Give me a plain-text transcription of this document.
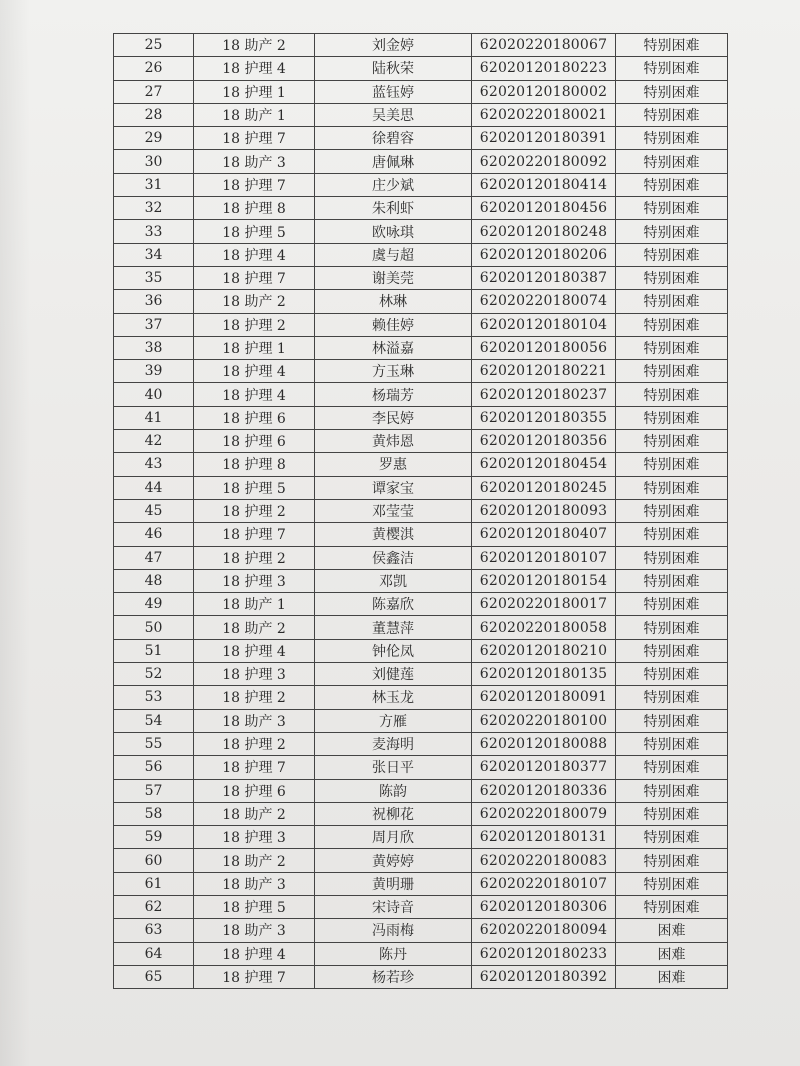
25	18 助产 2	刘金婷	62020220180067	特别困难
26	18 护理 4	陆秋荣	62020120180223	特别困难
27	18 护理 1	蓝钰婷	62020120180002	特别困难
28	18 助产 1	吴美思	62020220180021	特别困难
29	18 护理 7	徐碧容	62020120180391	特别困难
30	18 助产 3	唐佩琳	62020220180092	特别困难
31	18 护理 7	庄少斌	62020120180414	特别困难
32	18 护理 8	朱利虾	62020120180456	特别困难
33	18 护理 5	欧咏琪	62020120180248	特别困难
34	18 护理 4	虞与超	62020120180206	特别困难
35	18 护理 7	谢美莞	62020120180387	特别困难
36	18 助产 2	林琳	62020220180074	特别困难
37	18 护理 2	赖佳婷	62020120180104	特别困难
38	18 护理 1	林溢嘉	62020120180056	特别困难
39	18 护理 4	方玉琳	62020120180221	特别困难
40	18 护理 4	杨瑞芳	62020120180237	特别困难
41	18 护理 6	李民婷	62020120180355	特别困难
42	18 护理 6	黄炜恩	62020120180356	特别困难
43	18 护理 8	罗惠	62020120180454	特别困难
44	18 护理 5	谭家宝	62020120180245	特别困难
45	18 护理 2	邓莹莹	62020120180093	特别困难
46	18 护理 7	黄樱淇	62020120180407	特别困难
47	18 护理 2	侯鑫洁	62020120180107	特别困难
48	18 护理 3	邓凯	62020120180154	特别困难
49	18 助产 1	陈嘉欣	62020220180017	特别困难
50	18 助产 2	董慧萍	62020220180058	特别困难
51	18 护理 4	钟伦凤	62020120180210	特别困难
52	18 护理 3	刘健莲	62020120180135	特别困难
53	18 护理 2	林玉龙	62020120180091	特别困难
54	18 助产 3	方雁	62020220180100	特别困难
55	18 护理 2	麦海明	62020120180088	特别困难
56	18 护理 7	张日平	62020120180377	特别困难
57	18 护理 6	陈韵	62020120180336	特别困难
58	18 助产 2	祝柳花	62020220180079	特别困难
59	18 护理 3	周月欣	62020120180131	特别困难
60	18 助产 2	黄婷婷	62020220180083	特别困难
61	18 助产 3	黄明珊	62020220180107	特别困难
62	18 护理 5	宋诗音	62020120180306	特别困难
63	18 助产 3	冯雨梅	62020220180094	困难
64	18 护理 4	陈丹	62020120180233	困难
65	18 护理 7	杨若珍	62020120180392	困难
